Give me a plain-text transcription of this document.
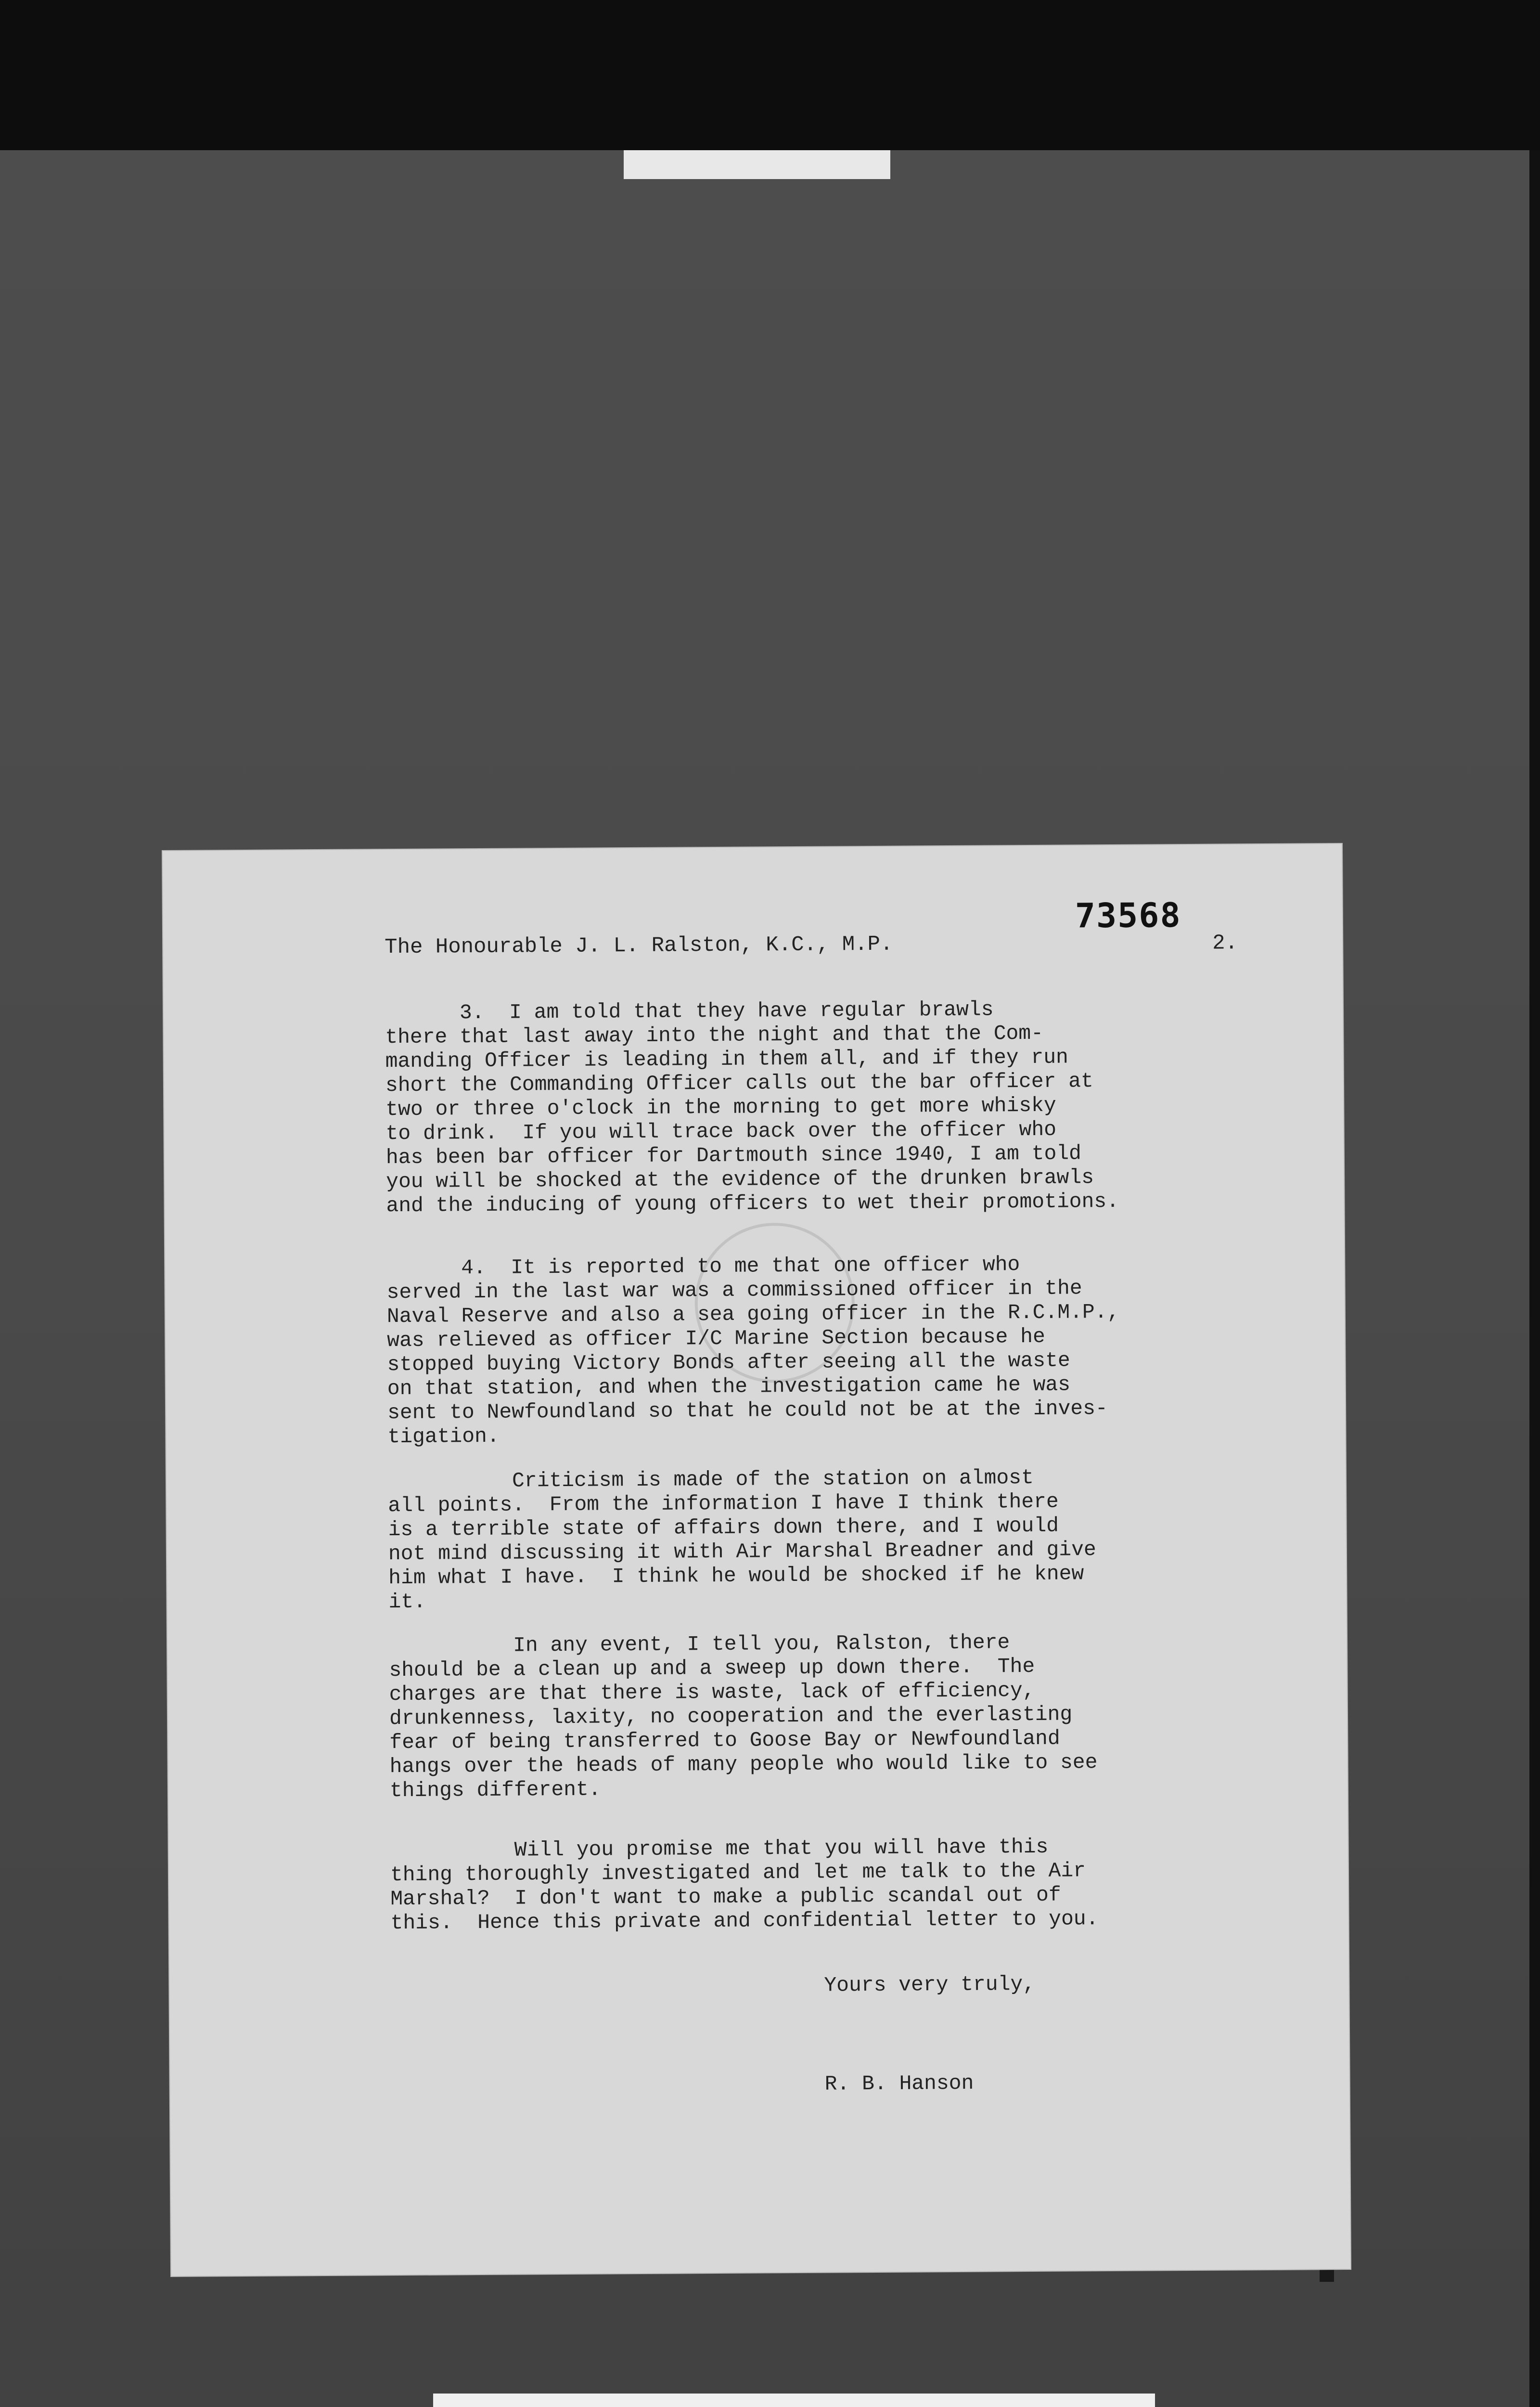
73568
2.
The Honourable J. L. Ralston, K.C., M.P.
3.  I am told that they have regular brawls
there that last away into the night and that the Com-
manding Officer is leading in them all, and if they run
short the Commanding Officer calls out the bar officer at
two or three o'clock in the morning to get more whisky
to drink.  If you will trace back over the officer who
has been bar officer for Dartmouth since 1940, I am told
you will be shocked at the evidence of the drunken brawls
and the inducing of young officers to wet their promotions.
4.  It is reported to me that one officer who
served in the last war was a commissioned officer in the
Naval Reserve and also a sea going officer in the R.C.M.P.,
was relieved as officer I/C Marine Section because he
stopped buying Victory Bonds after seeing all the waste
on that station, and when the investigation came he was
sent to Newfoundland so that he could not be at the inves-
tigation.
Criticism is made of the station on almost
all points.  From the information I have I think there
is a terrible state of affairs down there, and I would
not mind discussing it with Air Marshal Breadner and give
him what I have.  I think he would be shocked if he knew
it.
In any event, I tell you, Ralston, there
should be a clean up and a sweep up down there.  The
charges are that there is waste, lack of efficiency,
drunkenness, laxity, no cooperation and the everlasting
fear of being transferred to Goose Bay or Newfoundland
hangs over the heads of many people who would like to see
things different.
Will you promise me that you will have this
thing thoroughly investigated and let me talk to the Air
Marshal?  I don't want to make a public scandal out of
this.  Hence this private and confidential letter to you.
Yours very truly,
R. B. Hanson
